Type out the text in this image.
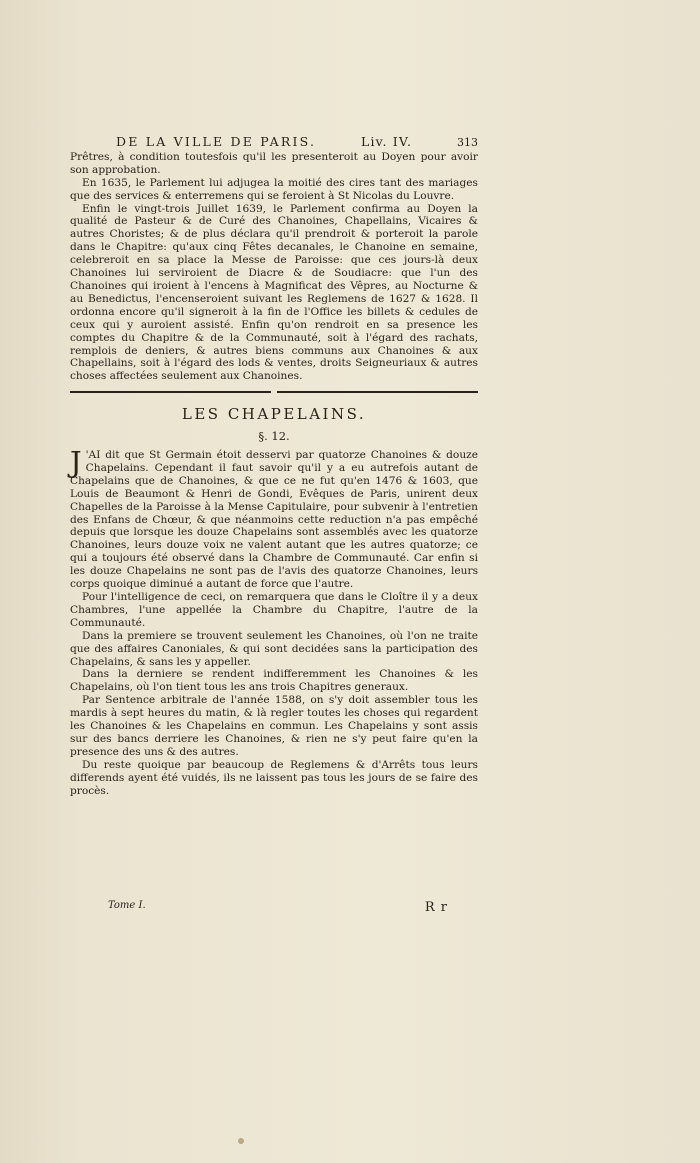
DE LA VILLE DE PARIS.	Liv. IV.	313

Prêtres, à condition toutesfois qu'il les presenteroit au Doyen pour avoir son approbation.

En 1635, le Parlement lui adjugea la moitié des cires tant des mariages que des services & enterremens qui se feroient à St Nicolas du Louvre.

Enfin le vingt-trois Juillet 1639, le Parlement confirma au Doyen la qualité de Pasteur & de Curé des Chanoines, Chapellains, Vicaires & autres Choristes; & de plus déclara qu'il prendroit & porteroit la parole dans le Chapitre: qu'aux cinq Fêtes decanales, le Chanoine en semaine, celebreroit en sa place la Messe de Paroisse: que ces jours-là deux Chanoines lui serviroient de Diacre & de Soudiacre: que l'un des Chanoines qui iroient à l'encens à Magnificat des Vêpres, au Nocturne & au Benedictus, l'encenseroient suivant les Reglemens de 1627 & 1628. Il ordonna encore qu'il signeroit à la fin de l'Office les billets & cedules de ceux qui y auroient assisté. Enfin qu'on rendroit en sa presence les comptes du Chapitre & de la Communauté, soit à l'égard des rachats, remplois de deniers, & autres biens communs aux Chanoines & aux Chapellains, soit à l'égard des lods & ventes, droits Seigneuriaux & autres choses affectées seulement aux Chanoines.

LES CHAPELAINS.
§. 12.

J 'AI dit que St Germain étoit desservi par quatorze Chanoines & douze Chapelains. Cependant il faut savoir qu'il y a eu autrefois autant de Chapelains que de Chanoines, & que ce ne fut qu'en 1476 & 1603, que Louis de Beaumont & Henri de Gondi, Evêques de Paris, unirent deux Chapelles de la Paroisse à la Mense Capitulaire, pour subvenir à l'entretien des Enfans de Chœur, & que néanmoins cette reduction n'a pas empêché depuis que lorsque les douze Chapelains sont assemblés avec les quatorze Chanoines, leurs douze voix ne valent autant que les autres quatorze; ce qui a toujours été observé dans la Chambre de Communauté. Car enfin si les douze Chapelains ne sont pas de l'avis des quatorze Chanoines, leurs corps quoique diminué a autant de force que l'autre.

Pour l'intelligence de ceci, on remarquera que dans le Cloître il y a deux Chambres, l'une appellée la Chambre du Chapitre, l'autre de la Communauté.

Dans la premiere se trouvent seulement les Chanoines, où l'on ne traite que des affaires Canoniales, & qui sont decidées sans la participation des Chapelains, & sans les y appeller.

Dans la derniere se rendent indifferemment les Chanoines & les Chapelains, où l'on tient tous les ans trois Chapitres generaux.

Par Sentence arbitrale de l'année 1588, on s'y doit assembler tous les mardis à sept heures du matin, & là regler toutes les choses qui regardent les Chanoines & les Chapelains en commun. Les Chapelains y sont assis sur des bancs derriere les Chanoines, & rien ne s'y peut faire qu'en la presence des uns & des autres.

Du reste quoique par beaucoup de Reglemens & d'Arrêts tous leurs differends ayent été vuidés, ils ne laissent pas tous les jours de se faire des procès.

Tome I.	R r
